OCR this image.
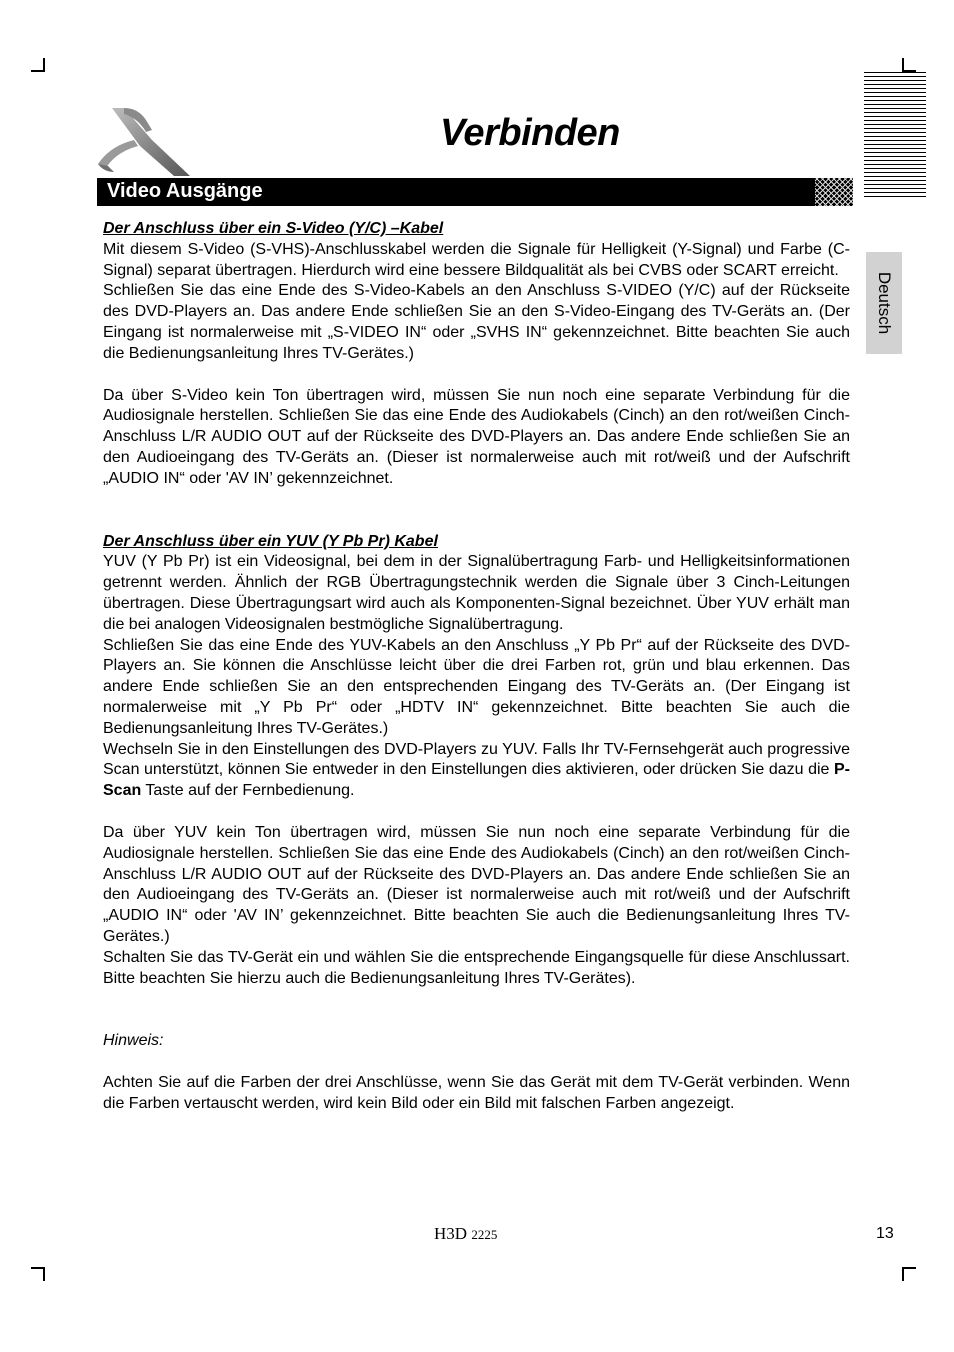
Verbinden
Video Ausgänge
Deutsch

Der Anschluss über ein S-Video (Y/C) –Kabel

Mit diesem S-Video (S-VHS)-Anschlusskabel werden die Signale für Helligkeit (Y-Signal) und Farbe (C-Signal) separat übertragen. Hierdurch wird eine bessere Bildqualität als bei CVBS oder SCART erreicht.

Schließen Sie das eine Ende des S-Video-Kabels an den Anschluss S-VIDEO (Y/C) auf der Rückseite des DVD-Players an. Das andere Ende schließen Sie an den S-Video-Eingang des TV-Geräts an. (Der Eingang ist normalerweise mit „S-VIDEO IN“ oder „SVHS IN“ gekennzeichnet. Bitte beachten Sie auch die Bedienungsanleitung Ihres TV-Gerätes.)

Da über S-Video kein Ton übertragen wird, müssen Sie nun noch eine separate Verbindung für die Audiosignale herstellen. Schließen Sie das eine Ende des Audiokabels (Cinch) an den rot/weißen Cinch-Anschluss L/R AUDIO OUT auf der Rückseite des DVD-Players an. Das andere Ende schließen Sie an den Audioeingang des TV-Geräts an. (Dieser ist normalerweise auch mit rot/weiß und der Aufschrift „AUDIO IN“ oder 'AV IN’ gekennzeichnet.

Der Anschluss über ein YUV (Y Pb Pr) Kabel

YUV (Y Pb Pr) ist ein Videosignal, bei dem in der Signalübertragung Farb- und Helligkeitsinformationen getrennt werden. Ähnlich der RGB Übertragungstechnik werden die Signale über 3 Cinch-Leitungen übertragen. Diese Übertragungsart wird auch als Komponenten-Signal bezeichnet. Über YUV erhält man die bei analogen Videosignalen bestmögliche Signalübertragung.

Schließen Sie das eine Ende des YUV-Kabels an den Anschluss „Y Pb Pr“ auf der Rückseite des DVD-Players an. Sie können die Anschlüsse leicht über die drei Farben rot, grün und blau erkennen. Das andere Ende schließen Sie an den entsprechenden Eingang des TV-Geräts an. (Der Eingang ist normalerweise mit „Y Pb Pr“ oder „HDTV IN“ gekennzeichnet. Bitte beachten Sie auch die Bedienungsanleitung Ihres TV-Gerätes.)

Wechseln Sie in den Einstellungen des DVD-Players zu YUV. Falls Ihr TV-Fernsehgerät auch progressive Scan unterstützt, können Sie entweder in den Einstellungen dies aktivieren, oder drücken Sie dazu die P-Scan Taste auf der Fernbedienung.

Da über YUV kein Ton übertragen wird, müssen Sie nun noch eine separate Verbindung für die Audiosignale herstellen. Schließen Sie das eine Ende des Audiokabels (Cinch) an den rot/weißen Cinch-Anschluss L/R AUDIO OUT auf der Rückseite des DVD-Players an. Das andere Ende schließen Sie an den Audioeingang des TV-Geräts an. (Dieser ist normalerweise auch mit rot/weiß und der Aufschrift „AUDIO IN“ oder 'AV IN’ gekennzeichnet. Bitte beachten Sie auch die Bedienungsanleitung Ihres TV-Gerätes.)

Schalten Sie das TV-Gerät ein und wählen Sie die entsprechende Eingangsquelle für diese Anschlussart. Bitte beachten Sie hierzu auch die Bedienungsanleitung Ihres TV-Gerätes).

Hinweis:

Achten Sie auf die Farben der drei Anschlüsse, wenn Sie das Gerät mit dem TV-Gerät verbinden. Wenn die Farben vertauscht werden, wird kein Bild oder ein Bild mit falschen Farben angezeigt.

H3D 2225	13
